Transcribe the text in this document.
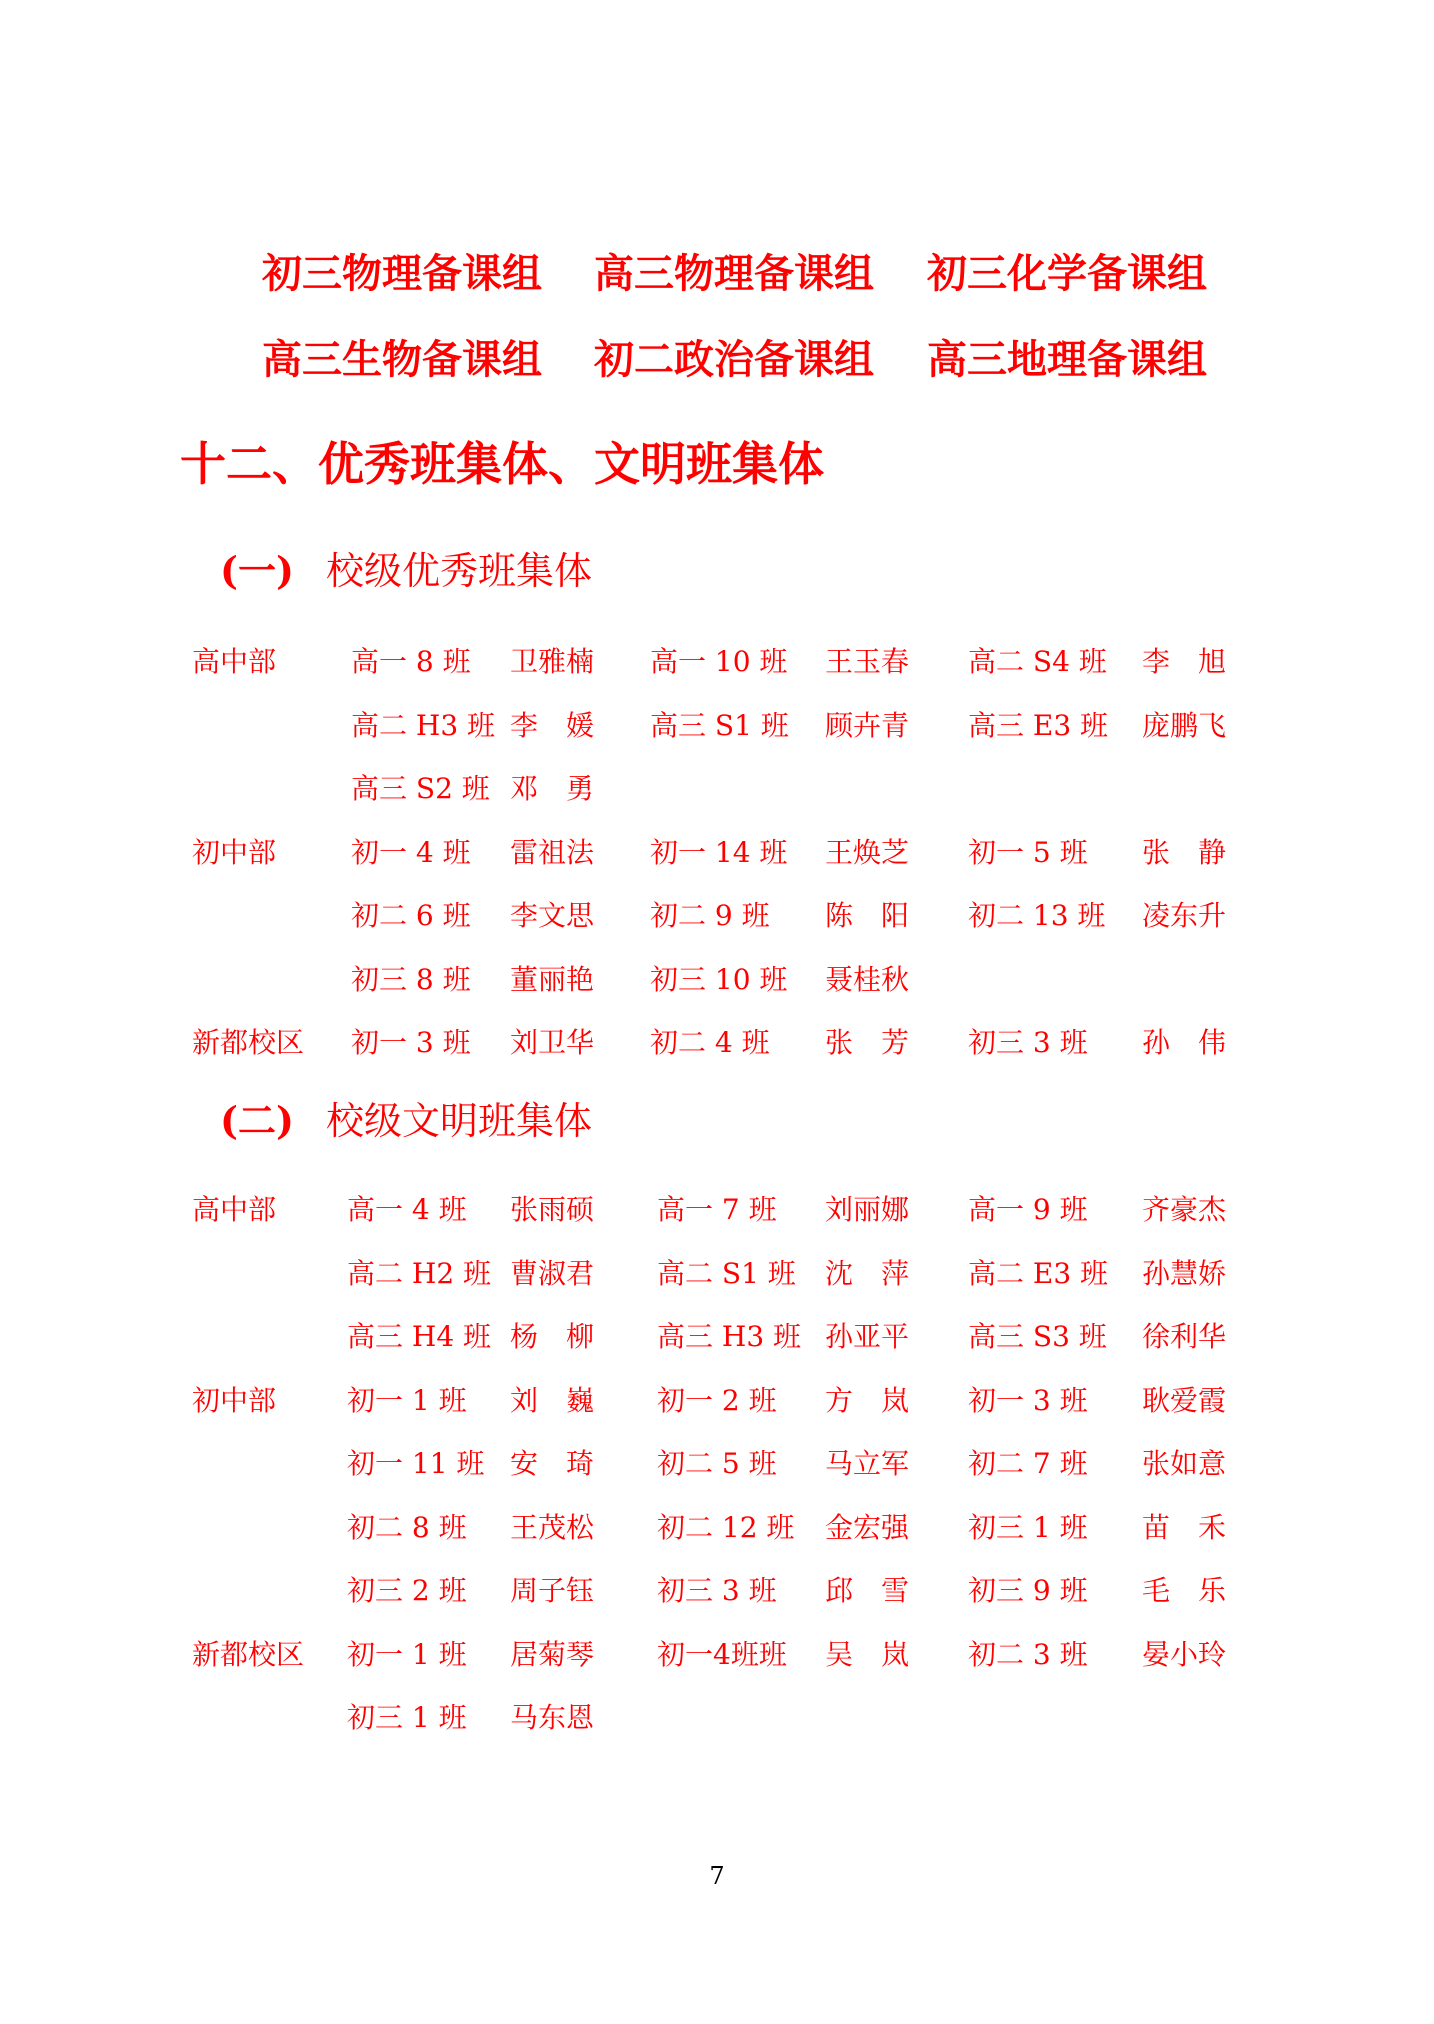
初三物理备课组 高三物理备课组 初三化学备课组
高三生物备课组 初二政治备课组 高三地理备课组
十二、优秀班集体、文明班集体
(一) 校级优秀班集体
高中部	高一 8 班 卫雅楠 高一 10 班 王玉春 高二 S4 班 李　旭
高二 H3 班 李　媛 高三 S1 班 顾卉青 高三 E3 班 庞鹏飞
高三 S2 班 邓　勇
初中部	初一 4 班 雷祖法 初一 14 班 王焕芝 初一 5 班 张　静
初二 6 班 李文思 初二 9 班 陈　阳 初二 13 班 凌东升
初三 8 班 董丽艳 初三 10 班 聂桂秋
新都校区 初一 3 班 刘卫华 初二 4 班 张　芳 初三 3 班 孙　伟
(二) 校级文明班集体
高中部	高一 4 班 张雨硕 高一 7 班 刘丽娜 高一 9 班 齐豪杰
高二 H2 班 曹淑君 高二 S1 班 沈　萍 高二 E3 班 孙慧娇
高三 H4 班 杨　柳 高三 H3 班 孙亚平 高三 S3 班 徐利华
初中部	初一 1 班 刘　巍 初一 2 班 方　岚 初一 3 班 耿爱霞
初一 11 班 安　琦 初二 5 班 马立军 初二 7 班 张如意
初二 8 班 王茂松 初二 12 班 金宏强 初三 1 班 苗　禾
初三 2 班 周子钰 初三 3 班 邱　雪 初三 9 班 毛　乐
新都校区 初一 1 班 居菊琴 初一4班班 吴　岚 初二 3 班 晏小玲
初三 1 班 马东恩
7
